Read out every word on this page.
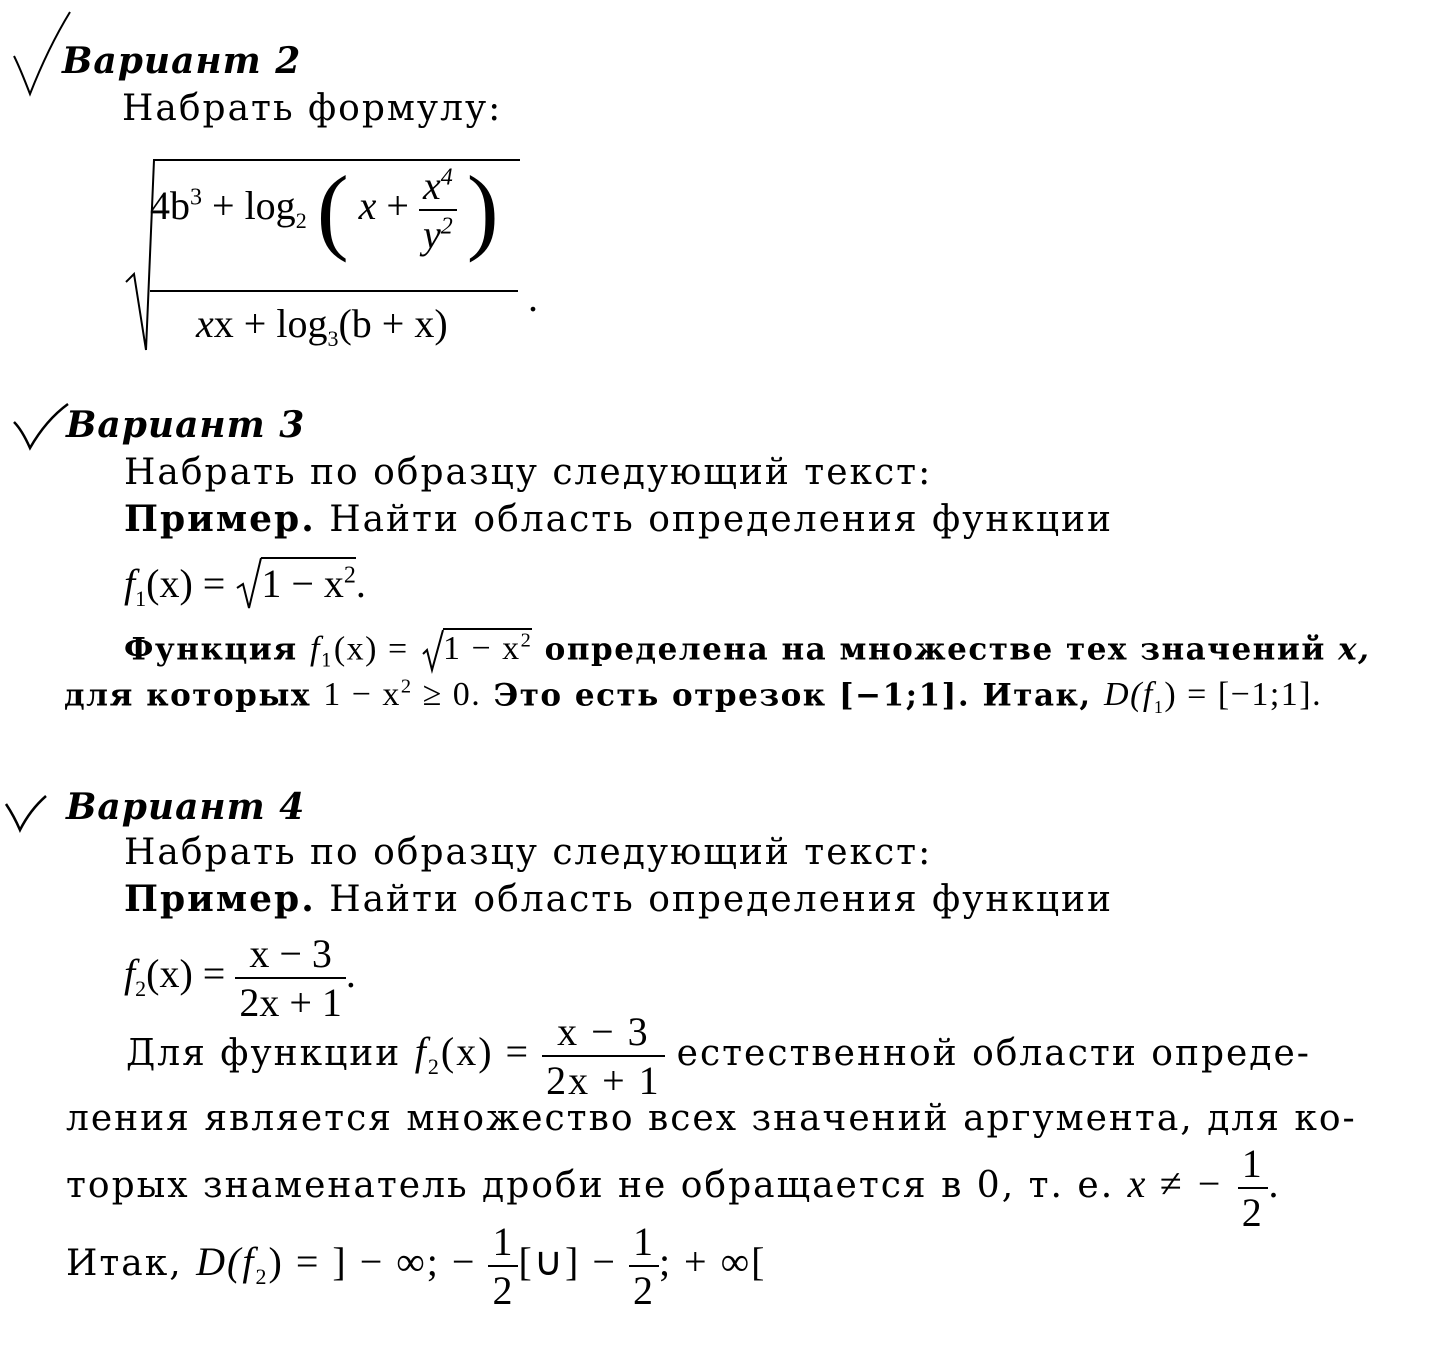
Вариант 2
Набрать формулу:
$4b^3 + \log_2$ ( $x + \frac{x^4}{y^2}$ )
xx + $\log_3(b + x)$
.
Вариант 3
Набрать по образцу следующий текст:
Пример. Найти область определения функции
$f_1(x) = 1 - x^2$.
Функция $f_1(x) = 1 - x^2$ определена на множестве тех значений x,
для которых $1 - x^2 \ge 0$. Это есть отрезок [−1;1]. Итак, $D(f_1)$ = [−1;1].
Вариант 4
Набрать по образцу следующий текст:
Пример. Найти область определения функции
$f_2(x) = \frac{x - 3}{2x + 1}$ .
Для функции $f_2(x) = \frac{x - 3}{2x + 1}$ естественной области опреде-
ления является множество всех значений аргумента, для ко-
торых знаменатель дроби не обращается в 0, т. е. x ≠ − $\frac{1}{2}$ .
Итак, $D(f_2)$ = ] − ∞; − $\frac{1}{2}$ [∪] − $\frac{1}{2}$ ; + ∞[
